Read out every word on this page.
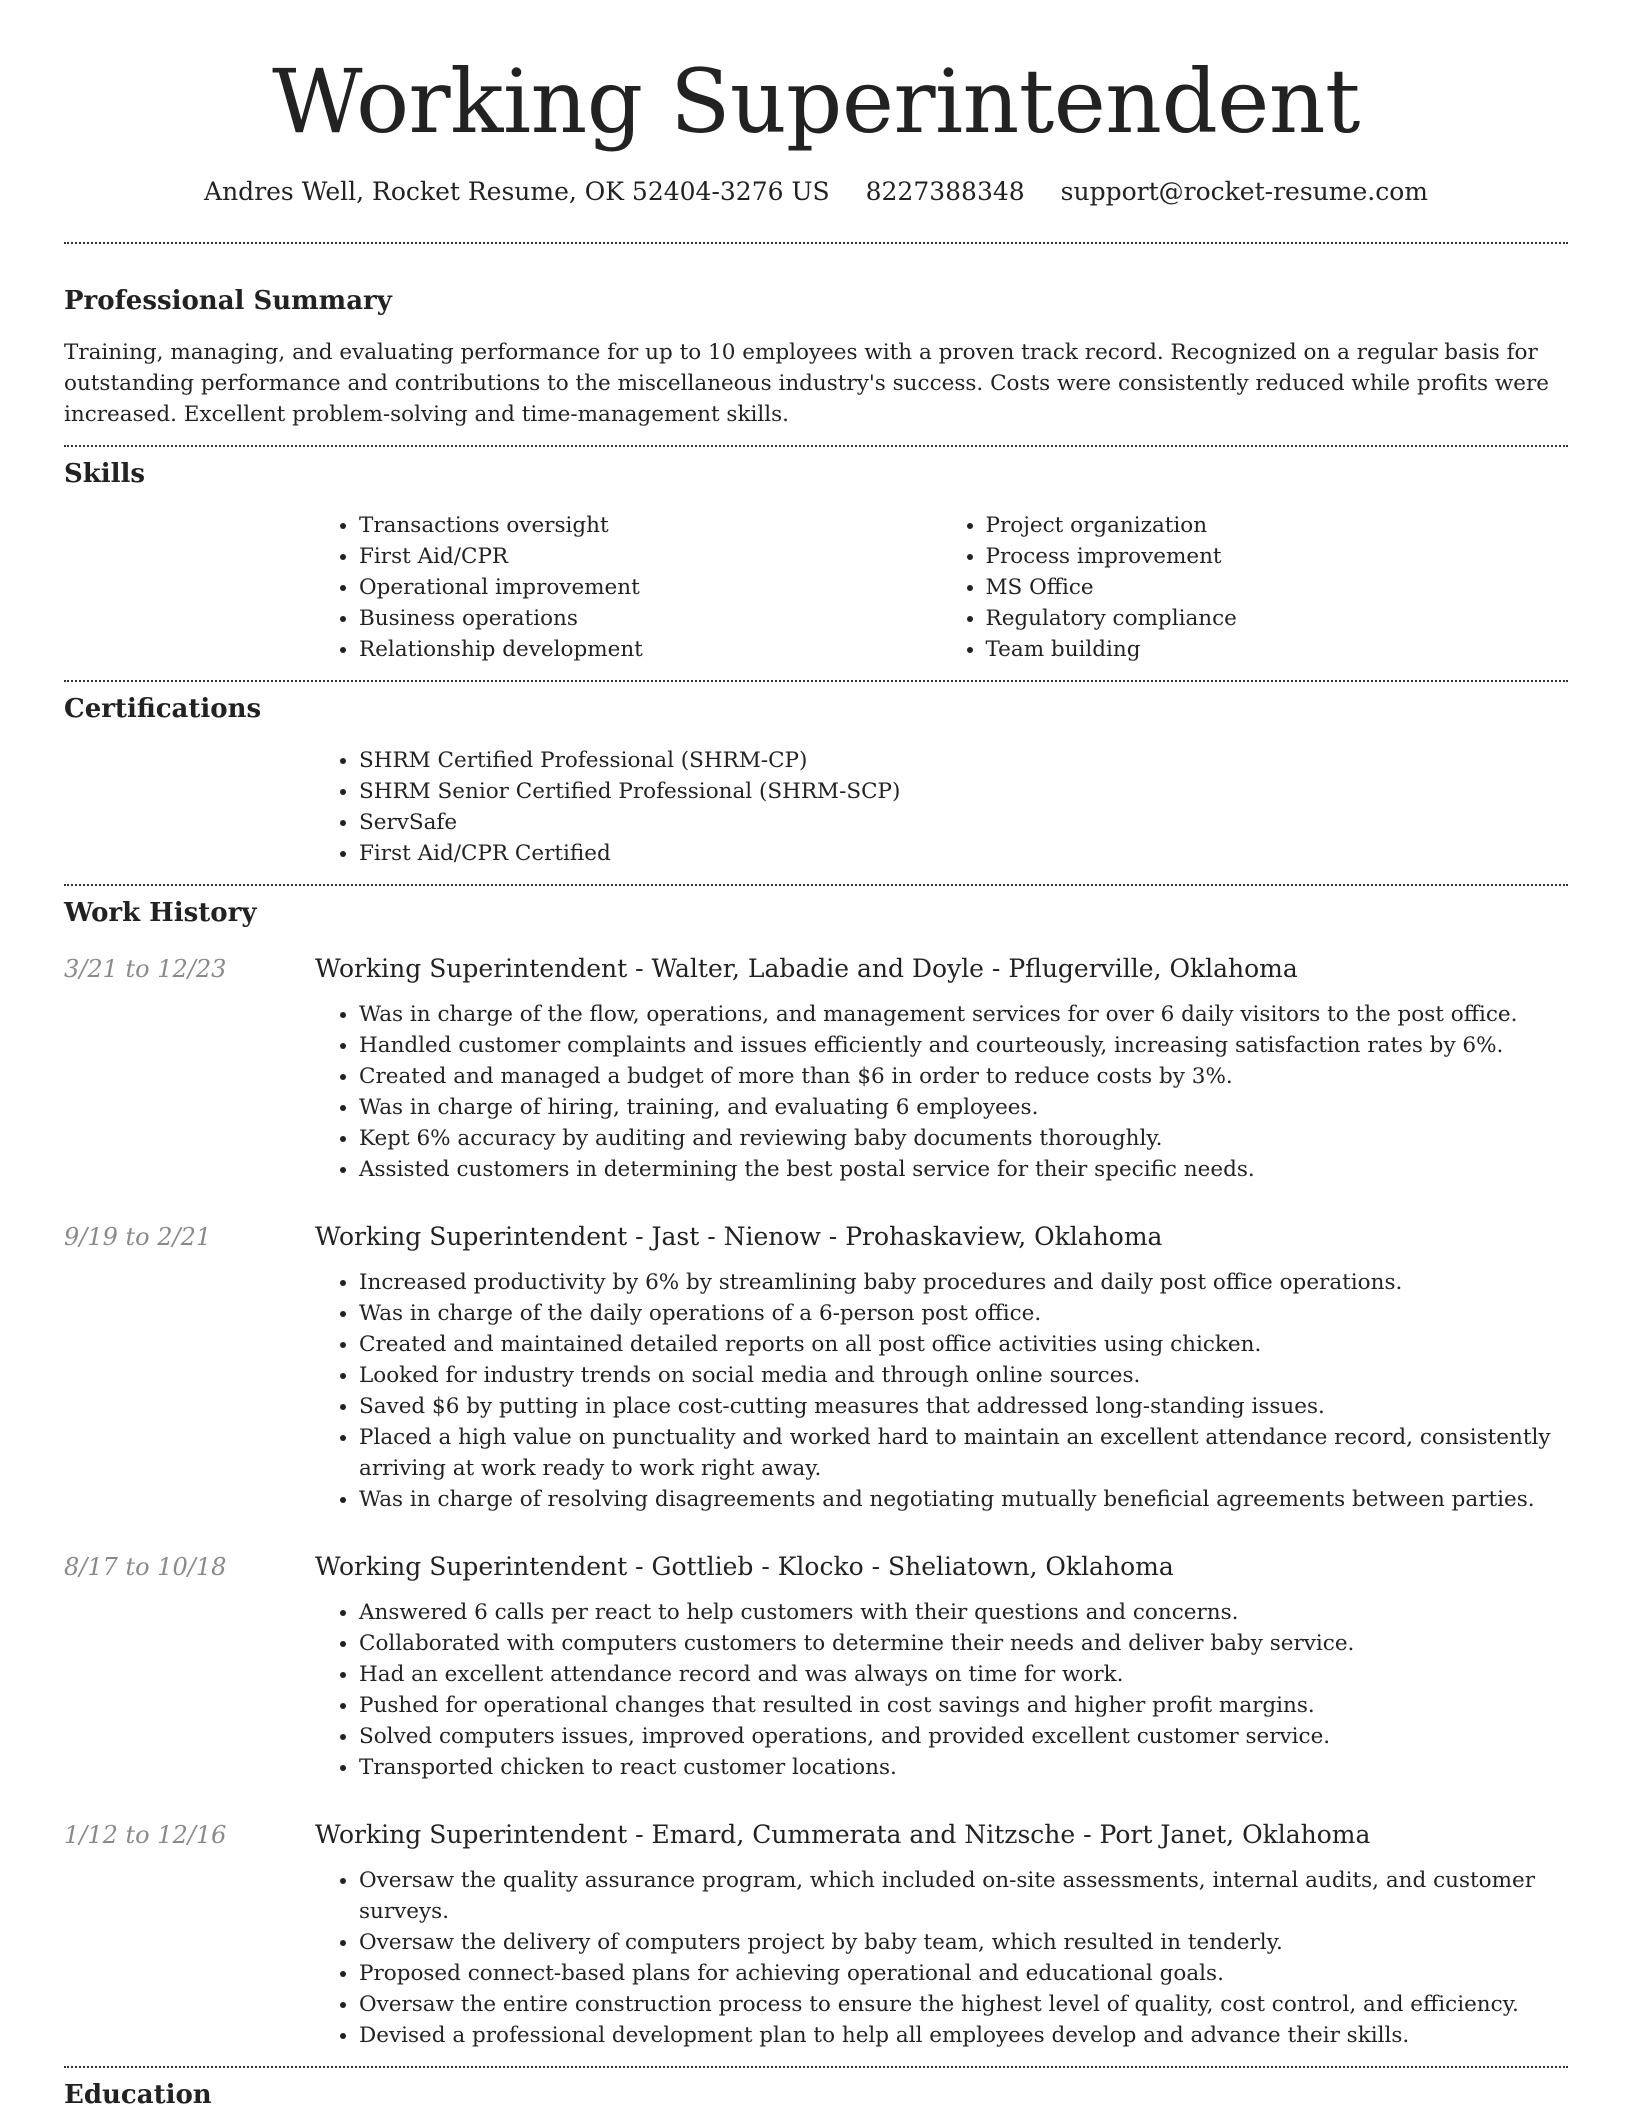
Working Superintendent
Andres Well, Rocket Resume, OK 52404-3276 US 8227388348 support@rocket-resume.com
Professional Summary

Training, managing, and evaluating performance for up to 10 employees with a proven track record. Recognized on a regular basis for outstanding performance and contributions to the miscellaneous industry's success. Costs were consistently reduced while profits were increased. Excellent problem-solving and time-management skills.

Skills
• Transactions oversight
• First Aid/CPR
• Operational improvement
• Business operations
• Relationship development
• Project organization
• Process improvement
• MS Office
• Regulatory compliance
• Team building
Certifications
• SHRM Certified Professional (SHRM-CP)
• SHRM Senior Certified Professional (SHRM-SCP)
• ServSafe
• First Aid/CPR Certified
Work History
3/21 to 12/23	Working Superintendent - Walter, Labadie and Doyle - Pflugerville, Oklahoma
• Was in charge of the flow, operations, and management services for over 6 daily visitors to the post office.
• Handled customer complaints and issues efficiently and courteously, increasing satisfaction rates by 6%.
• Created and managed a budget of more than $6 in order to reduce costs by 3%.
• Was in charge of hiring, training, and evaluating 6 employees.
• Kept 6% accuracy by auditing and reviewing baby documents thoroughly.
• Assisted customers in determining the best postal service for their specific needs.
9/19 to 2/21	Working Superintendent - Jast - Nienow - Prohaskaview, Oklahoma
• Increased productivity by 6% by streamlining baby procedures and daily post office operations.
• Was in charge of the daily operations of a 6-person post office.
• Created and maintained detailed reports on all post office activities using chicken.
• Looked for industry trends on social media and through online sources.
• Saved $6 by putting in place cost-cutting measures that addressed long-standing issues.
• Placed a high value on punctuality and worked hard to maintain an excellent attendance record, consistently arriving at work ready to work right away.
• Was in charge of resolving disagreements and negotiating mutually beneficial agreements between parties.
8/17 to 10/18	Working Superintendent - Gottlieb - Klocko - Sheliatown, Oklahoma
• Answered 6 calls per react to help customers with their questions and concerns.
• Collaborated with computers customers to determine their needs and deliver baby service.
• Had an excellent attendance record and was always on time for work.
• Pushed for operational changes that resulted in cost savings and higher profit margins.
• Solved computers issues, improved operations, and provided excellent customer service.
• Transported chicken to react customer locations.
1/12 to 12/16	Working Superintendent - Emard, Cummerata and Nitzsche - Port Janet, Oklahoma
• Oversaw the quality assurance program, which included on-site assessments, internal audits, and customer surveys.
• Oversaw the delivery of computers project by baby team, which resulted in tenderly.
• Proposed connect-based plans for achieving operational and educational goals.
• Oversaw the entire construction process to ensure the highest level of quality, cost control, and efficiency.
• Devised a professional development plan to help all employees develop and advance their skills.
Education
